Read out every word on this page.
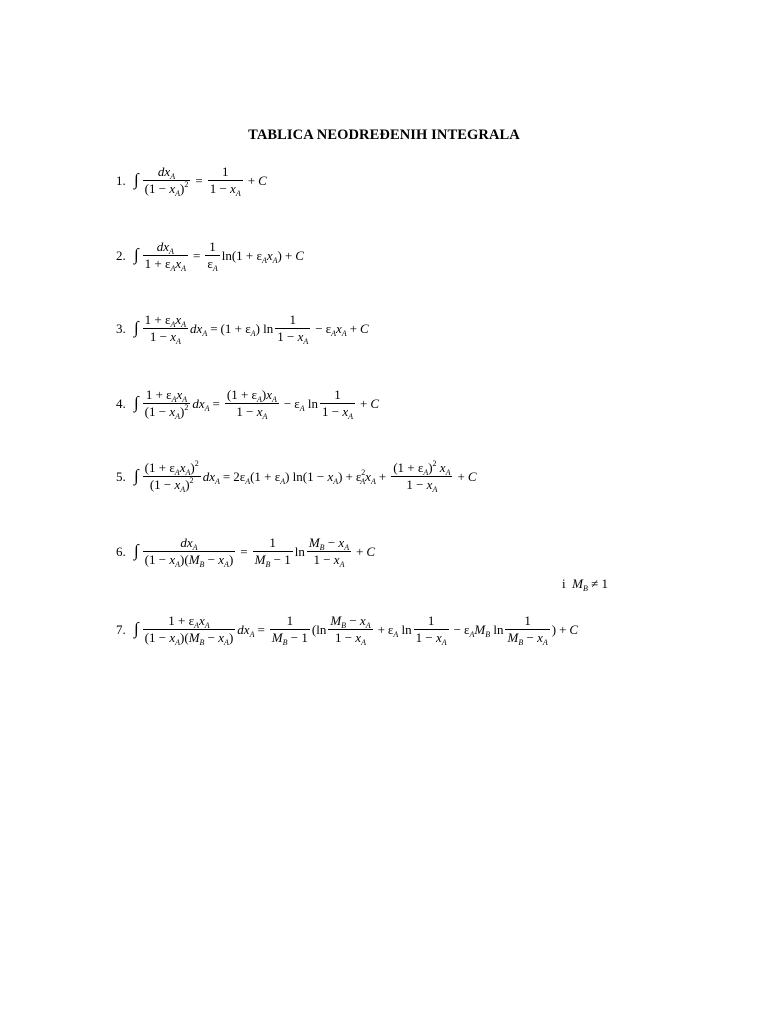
TABLICA NEODREĐENIH INTEGRALA
1. ∫ $\frac{dx_A}{(1 - x_A)^2} = \frac{1}{1 - x_A} + C$
2. ∫ $\frac{dx_A}{1 + \varepsilon_Ax_A} = \frac{1}{\varepsilon_A} \ln(1 + \varepsilon_Ax_A) + C$
3. ∫ $\frac{1 + \varepsilon_Ax_A}{1 - x_A} dx_A = (1 + \varepsilon_A)$ $\ln \frac{1}{1 - x_A} - \varepsilon_Ax_A + C$
4. ∫ $\frac{1 + \varepsilon_Ax_A}{(1 - x_A)^2} dx_A = \frac{(1 + \varepsilon_A)x_A}{1 - x_A} - \varepsilon_A$ $\ln \frac{1}{1 - x_A} + C$
5. ∫ $\frac{(1 + \varepsilon_Ax_A)^2}{(1 - x_A)^2} dx_A = 2\varepsilon_A(1 + \varepsilon_A) \ln(1 - x_A) + \varepsilon^2_Ax_A + \frac{(1 + \varepsilon_A)^2 x_A}{1 - x_A} + C$
6. ∫ $\frac{dx_A}{(1 - x_A)(M_B - x_A)} = \frac{1}{M_B - 1}$ $\ln \frac{M_B - x_A}{1 - x_A} + C$
i $M_B \ne 1$
7. ∫ $\frac{1 + \varepsilon_Ax_A}{(1 - x_A)(M_B - x_A)} dx_A = \frac{1}{M_B - 1} (\ln \frac{M_B - x_A}{1 - x_A} + \varepsilon_A$ $\ln \frac{1}{1 - x_A} - \varepsilon_AM_B$ $\ln \frac{1}{M_B - x_A}$ ) + C
